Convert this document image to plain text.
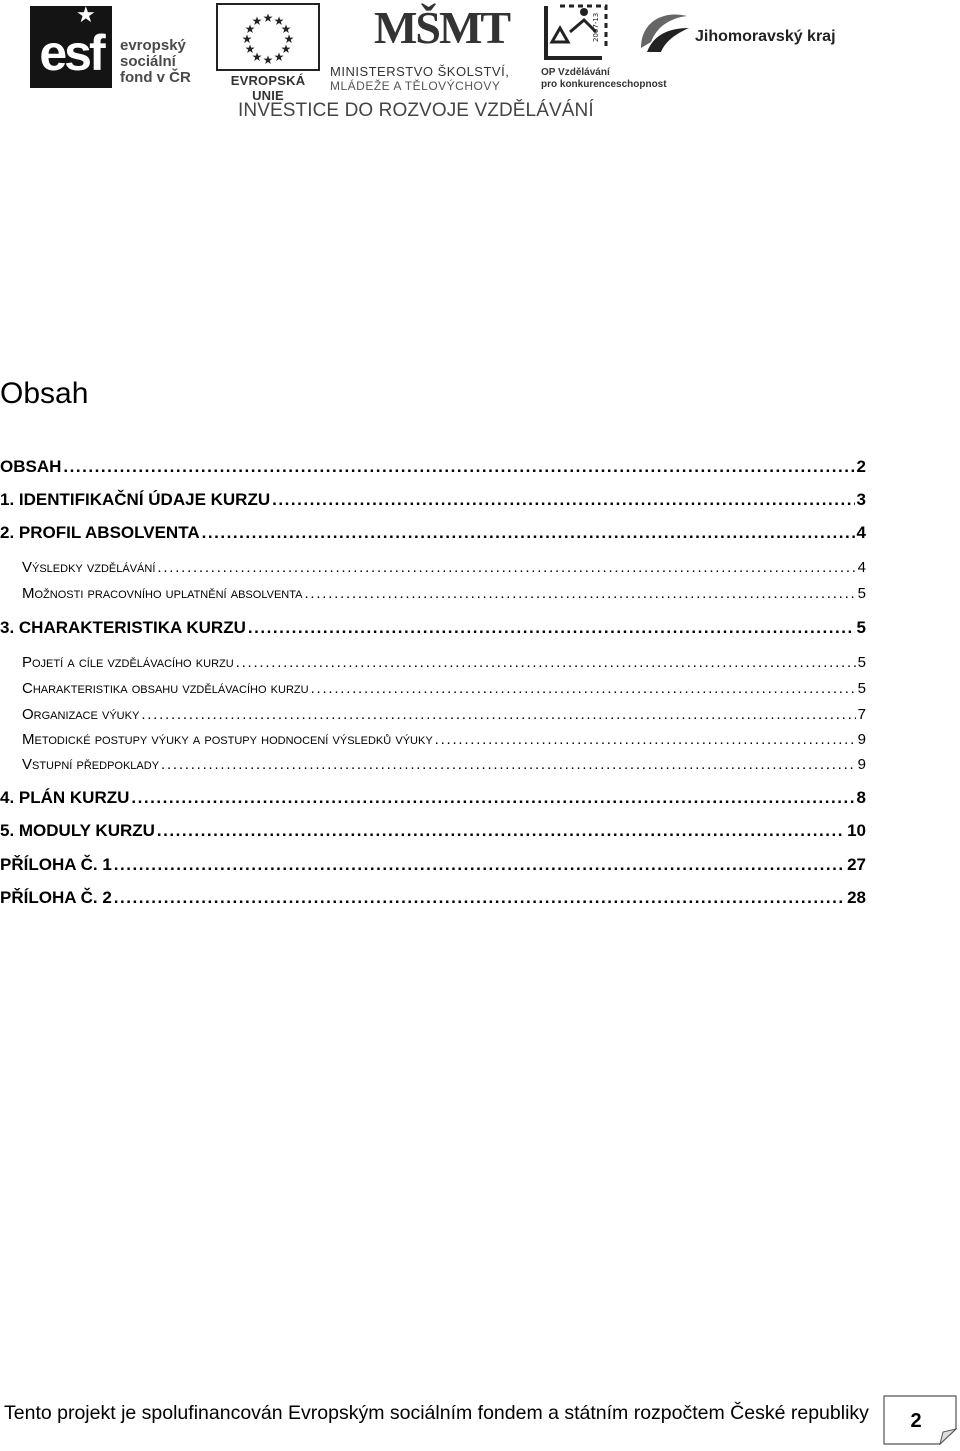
★
esf	evropský
sociální
fond v ČR
★ ★
★
★
★
★
★
★
★
★
★
★
EVROPSKÁ UNIE
MŠMT
MINISTERSTVO ŠKOLSTVÍ,
MLÁDEŽE A TĚLOVÝCHOVY
2007-13
OP Vzdělávání
pro konkurenceschopnost
Jihomoravský kraj
INVESTICE DO ROZVOJE VZDĚLÁVÁNÍ
Obsah
OBSAH . . .	2
1. IDENTIFIKAČNÍ ÚDAJE KURZU . . .	3
2. PROFIL ABSOLVENTA . . .	4
Výsledky vzdělávání . . .	4
Možnosti pracovního uplatnění absolventa . . .	5
3. CHARAKTERISTIKA KURZU . . .	5
Pojetí a cíle vzdělávacího kurzu . . .	5
Charakteristika obsahu vzdělávacího kurzu . . .	5
Organizace výuky . . .	7
Metodické postupy výuky a postupy hodnocení výsledků výuky . . .	9
Vstupní předpoklady . . .	9
4. PLÁN KURZU . . .	8
5. MODULY KURZU . . .	10
PŘÍLOHA Č. 1 . . .	27
PŘÍLOHA Č. 2 . . .	28
Tento projekt je spolufinancován Evropským sociálním fondem a státním rozpočtem České republiky 2
